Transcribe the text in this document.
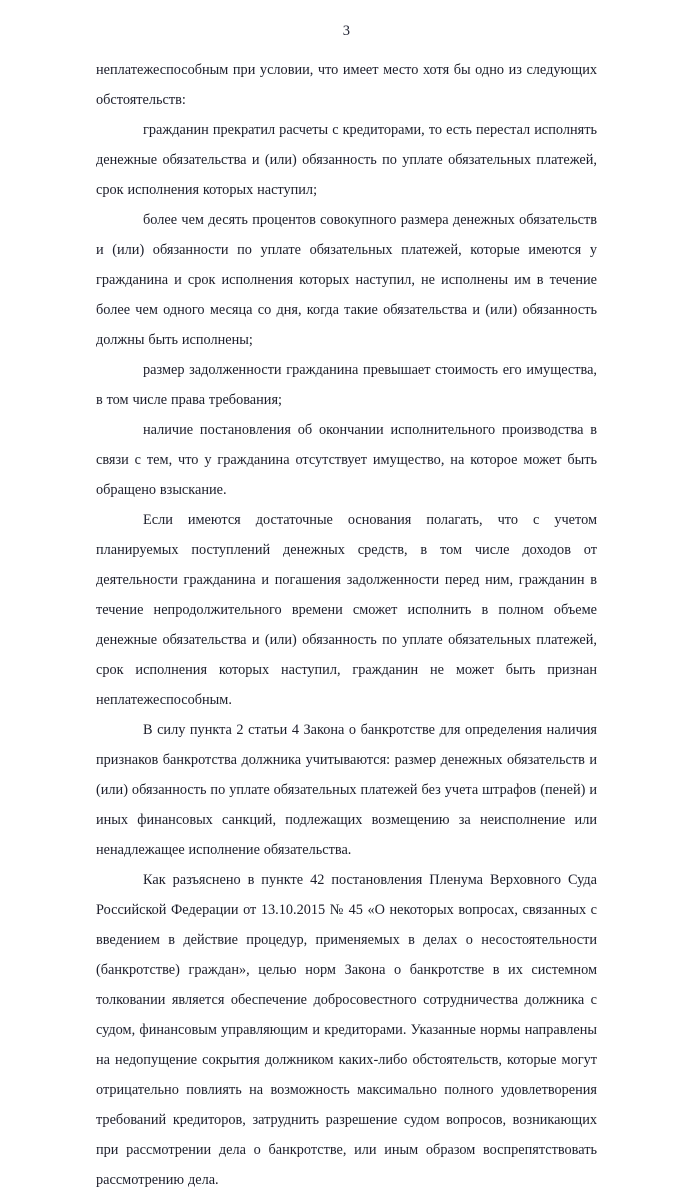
3

неплатежеспособным при условии, что имеет место хотя бы одно из следующих обстоятельств:

гражданин прекратил расчеты с кредиторами, то есть перестал исполнять денежные обязательства и (или) обязанность по уплате обязательных платежей, срок исполнения которых наступил;

более чем десять процентов совокупного размера денежных обязательств и (или) обязанности по уплате обязательных платежей, которые имеются у гражданина и срок исполнения которых наступил, не исполнены им в течение более чем одного месяца со дня, когда такие обязательства и (или) обязанность должны быть исполнены;

размер задолженности гражданина превышает стоимость его имущества, в том числе права требования;

наличие постановления об окончании исполнительного производства в связи с тем, что у гражданина отсутствует имущество, на которое может быть обращено взыскание.

Если имеются достаточные основания полагать, что с учетом планируемых поступлений денежных средств, в том числе доходов от деятельности гражданина и погашения задолженности перед ним, гражданин в течение непродолжительного времени сможет исполнить в полном объеме денежные обязательства и (или) обязанность по уплате обязательных платежей, срок исполнения которых наступил, гражданин не может быть признан неплатежеспособным.

В силу пункта 2 статьи 4 Закона о банкротстве для определения наличия признаков банкротства должника учитываются: размер денежных обязательств и (или) обязанность по уплате обязательных платежей без учета штрафов (пеней) и иных финансовых санкций, подлежащих возмещению за неисполнение или ненадлежащее исполнение обязательства.

Как разъяснено в пункте 42 постановления Пленума Верховного Суда Российской Федерации от 13.10.2015 № 45 «О некоторых вопросах, связанных с введением в действие процедур, применяемых в делах о несостоятельности (банкротстве) граждан», целью норм Закона о банкротстве в их системном толковании является обеспечение добросовестного сотрудничества должника с судом, финансовым управляющим и кредиторами. Указанные нормы направлены на недопущение сокрытия должником каких-либо обстоятельств, которые могут отрицательно повлиять на возможность максимально полного удовлетворения требований кредиторов, затруднить разрешение судом вопросов, возникающих при рассмотрении дела о банкротстве, или иным образом воспрепятствовать рассмотрению дела.
